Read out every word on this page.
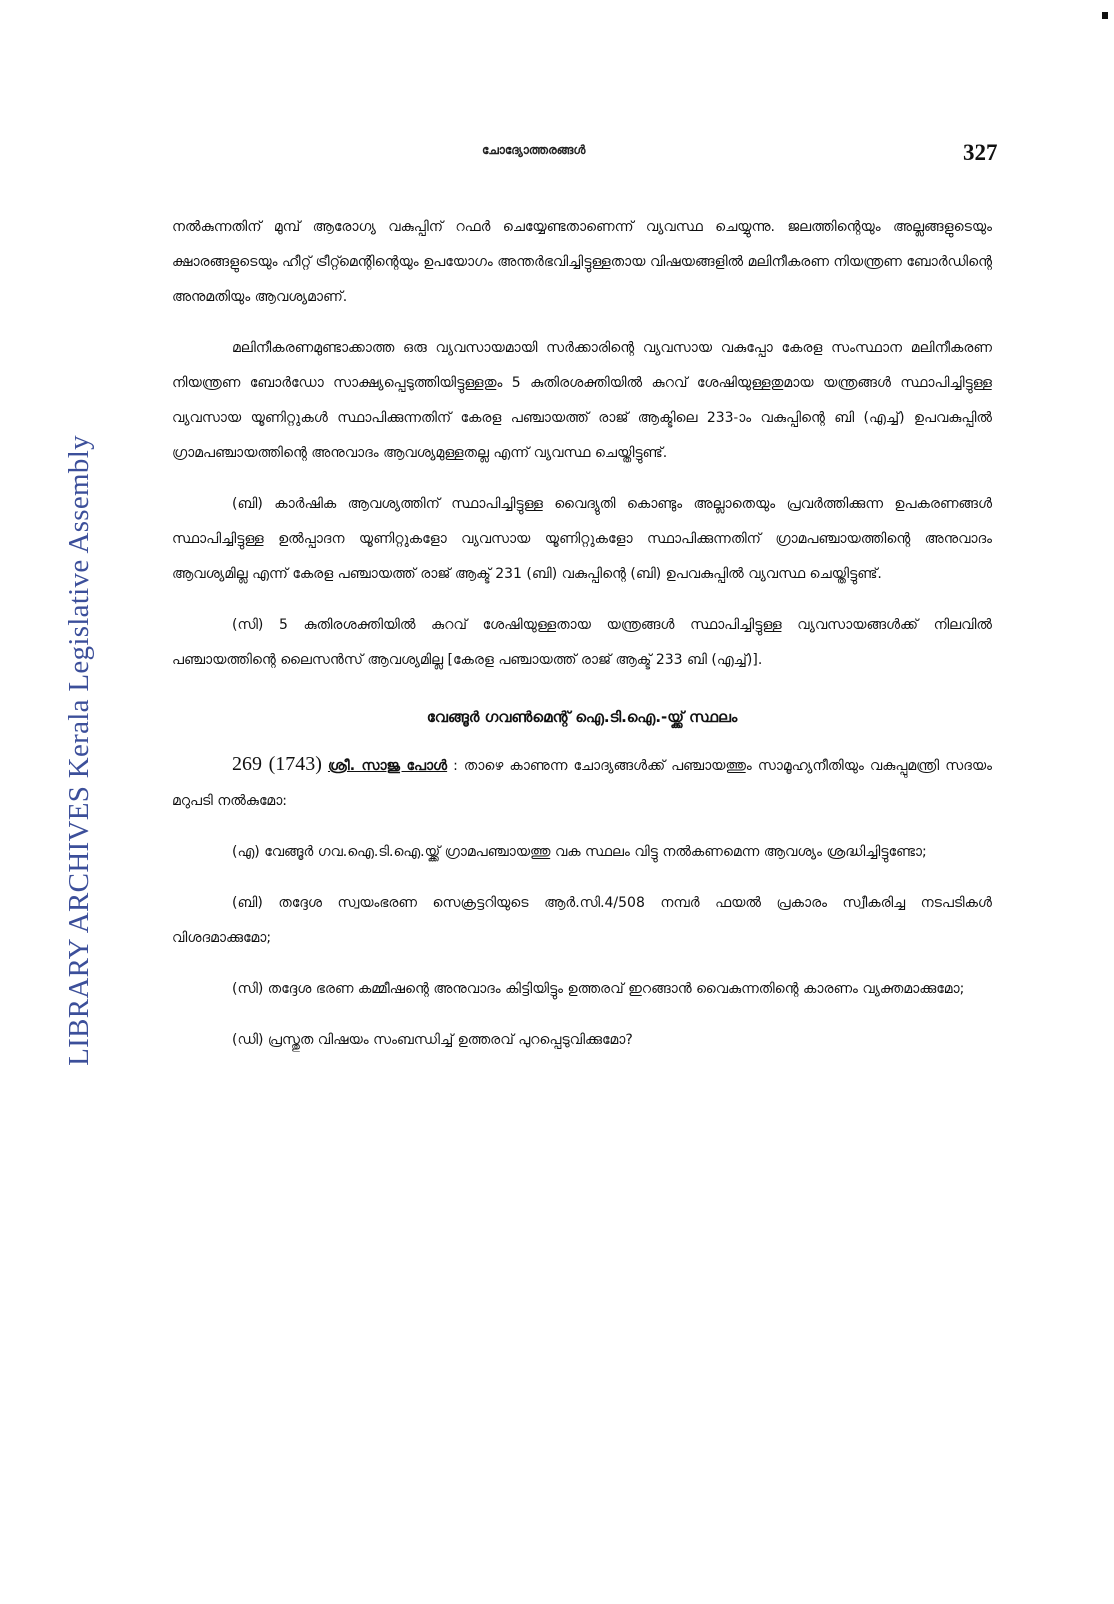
LIBRARY ARCHIVES Kerala Legislative Assembly
ചോദ്യോത്തരങ്ങൾ	327

നൽകുന്നതിന് മുമ്പ് ആരോഗ്യ വകുപ്പിന് റഫർ ചെയ്യേണ്ടതാണെന്ന് വ്യവസ്ഥ ചെയ്യുന്നു. ജലത്തിന്റെയും അല്ലങ്ങളുടെയും ക്ഷാരങ്ങളുടെയും ഹീറ്റ് ട്രീറ്റ്മെന്റിന്റെയും ഉപയോഗം അന്തർഭവിച്ചിട്ടുള്ളതായ വിഷയങ്ങളിൽ മലിനീകരണ നിയന്ത്രണ ബോർഡിന്റെ അനുമതിയും ആവശ്യമാണ്.

മലിനീകരണമുണ്ടാക്കാത്ത ഒരു വ്യവസായമായി സർക്കാരിന്റെ വ്യവസായ വകുപ്പോ കേരള സംസ്ഥാന മലിനീകരണ നിയന്ത്രണ ബോർഡോ സാക്ഷ്യപ്പെടുത്തിയിട്ടുള്ളതും 5 കുതിരശക്തിയിൽ കുറവ് ശേഷിയുള്ളതുമായ യന്ത്രങ്ങൾ സ്ഥാപിച്ചിട്ടുള്ള വ്യവസായ യൂണിറ്റുകൾ സ്ഥാപിക്കുന്നതിന് കേരള പഞ്ചായത്ത് രാജ് ആക്ടിലെ 233-ാം വകുപ്പിന്റെ ബി (എച്ച്) ഉപവകുപ്പിൽ ഗ്രാമപഞ്ചായത്തിന്റെ അനുവാദം ആവശ്യമുള്ളതല്ല എന്ന് വ്യവസ്ഥ ചെയ്തിട്ടുണ്ട്.

(ബി) കാർഷിക ആവശ്യത്തിന് സ്ഥാപിച്ചിട്ടുള്ള വൈദ്യുതി കൊണ്ടും അല്ലാതെയും പ്രവർത്തിക്കുന്ന ഉപകരണങ്ങൾ സ്ഥാപിച്ചിട്ടുള്ള ഉൽപ്പാദന യൂണിറ്റുകളോ വ്യവസായ യൂണിറ്റുകളോ സ്ഥാപിക്കുന്നതിന് ഗ്രാമപഞ്ചായത്തിന്റെ അനുവാദം ആവശ്യമില്ല എന്ന് കേരള പഞ്ചായത്ത് രാജ് ആക്ട് 231 (ബി) വകുപ്പിന്റെ (ബി) ഉപവകുപ്പിൽ വ്യവസ്ഥ ചെയ്തിട്ടുണ്ട്.

(സി) 5 കുതിരശക്തിയിൽ കുറവ് ശേഷിയുള്ളതായ യന്ത്രങ്ങൾ സ്ഥാപിച്ചിട്ടുള്ള വ്യവസായങ്ങൾക്ക് നിലവിൽ പഞ്ചായത്തിന്റെ ലൈസൻസ് ആവശ്യമില്ല [കേരള പഞ്ചായത്ത് രാജ് ആക്ട് 233 ബി (എച്ച്)].

വേങ്ങൂർ ഗവൺമെന്റ് ഐ.ടി.ഐ.-യ്ക്ക് സ്ഥലം

269 (1743) ശ്രീ. സാജു പോൾ : താഴെ കാണുന്ന ചോദ്യങ്ങൾക്ക് പഞ്ചായത്തും സാമൂഹ്യനീതിയും വകുപ്പുമന്ത്രി സദയം മറുപടി നൽകുമോ:

(എ) വേങ്ങൂർ ഗവ.ഐ.ടി.ഐ.യ്ക്ക് ഗ്രാമപഞ്ചായത്തു വക സ്ഥലം വിട്ടു നൽകണമെന്ന ആവശ്യം ശ്രദ്ധിച്ചിട്ടുണ്ടോ;

(ബി) തദ്ദേശ സ്വയംഭരണ സെക്രട്ടറിയുടെ ആർ.സി.4/508 നമ്പർ ഫയൽ പ്രകാരം സ്വീകരിച്ച നടപടികൾ വിശദമാക്കുമോ;

(സി) തദ്ദേശ ഭരണ കമ്മീഷന്റെ അനുവാദം കിട്ടിയിട്ടും ഉത്തരവ് ഇറങ്ങാൻ വൈകുന്നതിന്റെ കാരണം വ്യക്തമാക്കുമോ;

(ഡി) പ്രസ്തുത വിഷയം സംബന്ധിച്ച് ഉത്തരവ് പുറപ്പെടുവിക്കുമോ?
